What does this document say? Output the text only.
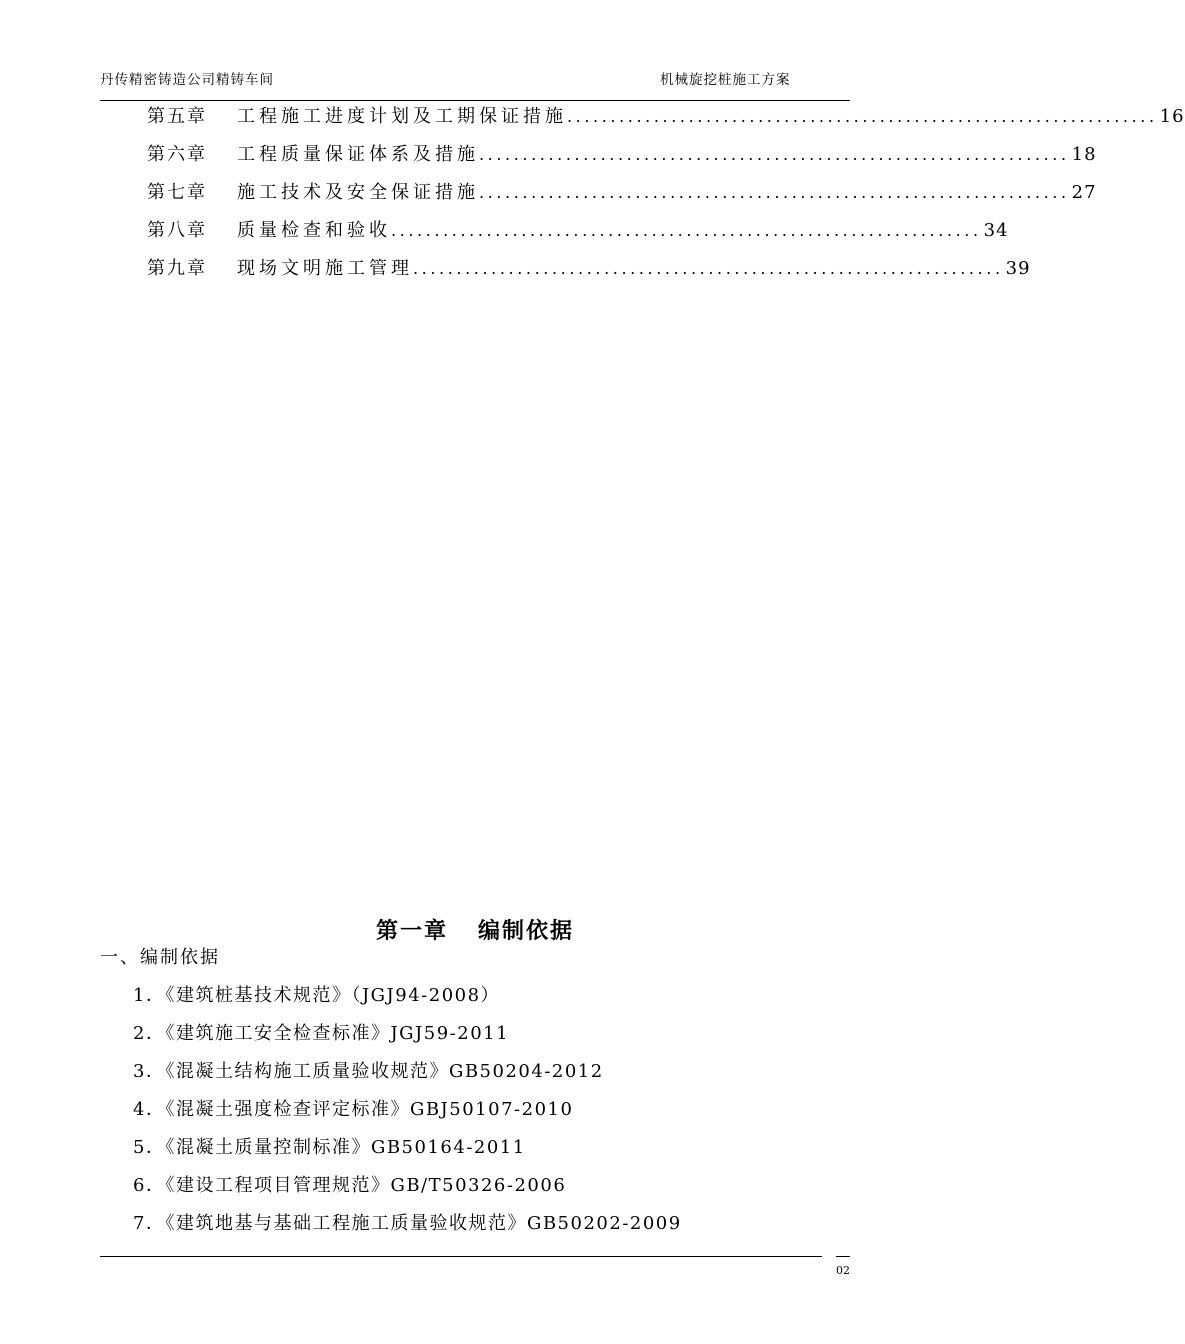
丹传精密铸造公司精铸车间	机械旋挖桩施工方案
第五章	工程施工进度计划及工期保证措施 .................................................................... 16
第六章	工程质量保证体系及措施 .................................................................... 18
第七章	施工技术及安全保证措施 .................................................................... 27
第八章	质量检查和验收 .................................................................... 34
第九章	现场文明施工管理 .................................................................... 39
第一章 编制依据
一、编制依据
1．《建筑桩基技术规范》（JGJ94-2008）
2．《建筑施工安全检查标准》JGJ59-2011
3．《混凝土结构施工质量验收规范》GB50204-2012
4．《混凝土强度检查评定标准》GBJ50107-2010
5．《混凝土质量控制标准》GB50164-2011
6．《建设工程项目管理规范》GB/T50326-2006
7．《建筑地基与基础工程施工质量验收规范》GB50202-2009
02
